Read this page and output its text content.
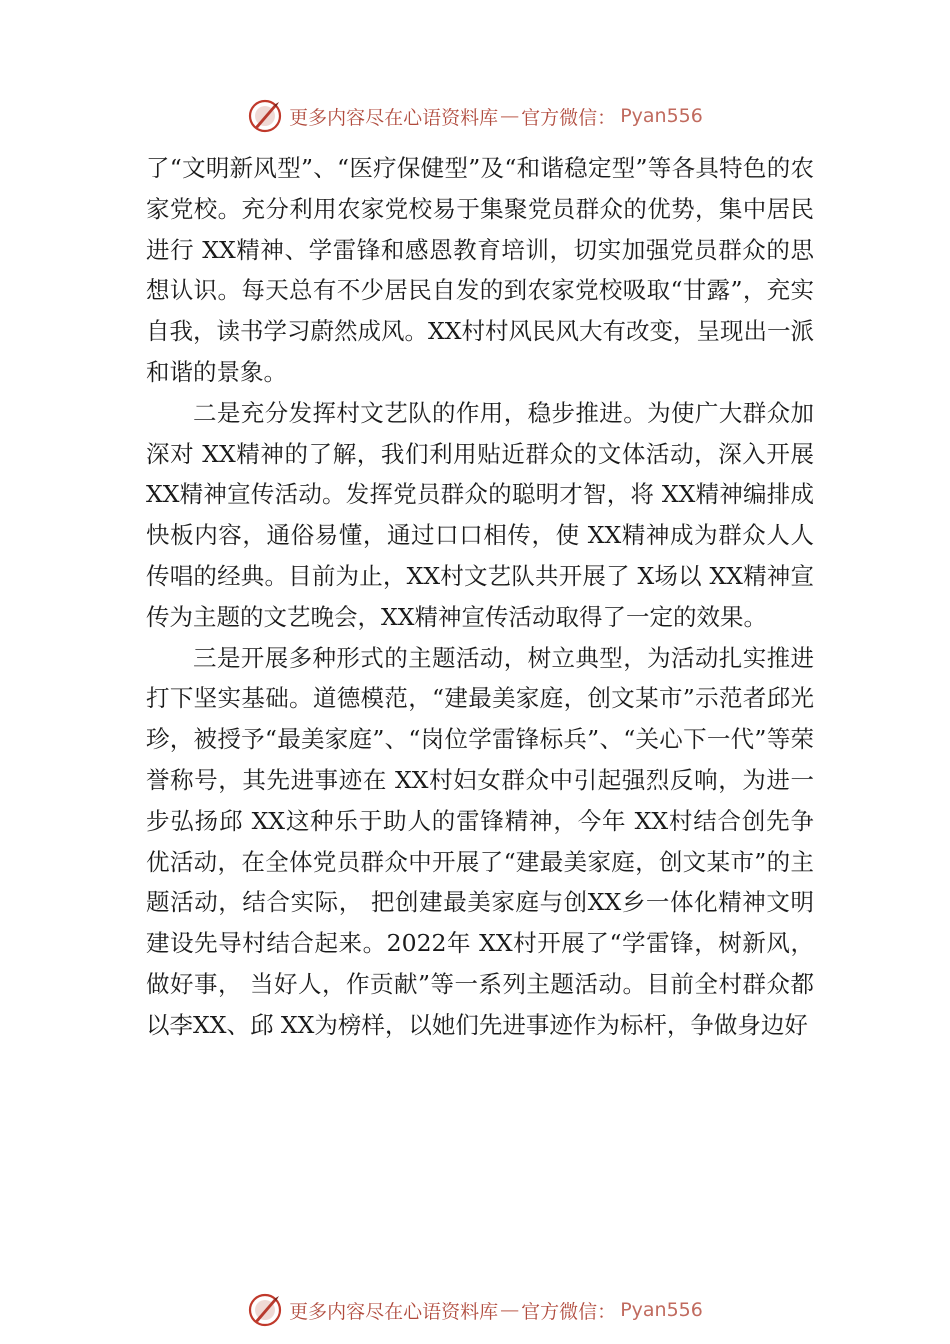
更多内容尽在心语资料库 — 官方微信： Pyan556

了“文明新风型”、“医疗保健型”及“和谐稳定型”等各具特色的农家党校。充分利用农家党校易于集聚党员群众的优势，集中居民进行 XX精神、学雷锋和感恩教育培训，切实加强党员群众的思想认识。每天总有不少居民自发的到农家党校吸取“甘露”，充实自我，读书学习蔚然成风。XX村村风民风大有改变，呈现出一派和谐的景象。

二是充分发挥村文艺队的作用，稳步推进。为使广大群众加深对 XX精神的了解，我们利用贴近群众的文体活动，深入开展 XX精神宣传活动。发挥党员群众的聪明才智，将 XX精神编排成快板内容，通俗易懂，通过口口相传，使 XX精神成为群众人人传唱的经典。目前为止，XX村文艺队共开展了 X场以 XX精神宣传为主题的文艺晚会，XX精神宣传活动取得了一定的效果。

三是开展多种形式的主题活动，树立典型，为活动扎实推进打下坚实基础。道德模范，“建最美家庭，创文某市”示范者邱光珍，被授予“最美家庭”、“岗位学雷锋标兵”、“关心下一代”等荣誉称号，其先进事迹在 XX村妇女群众中引起强烈反响，为进一步弘扬邱 XX这种乐于助人的雷锋精神，今年 XX村结合创先争优活动，在全体党员群众中开展了“建最美家庭，创文某市”的主题活动，结合实际， 把创建最美家庭与创XX乡一体化精神文明建设先导村结合起来。2022年 XX村开展了“学雷锋，树新风，做好事， 当好人，作贡献”等一系列主题活动。目前全村群众都以李XX、邱 XX为榜样，以她们先进事迹作为标杆，争做身边好

更多内容尽在心语资料库 — 官方微信： Pyan556
